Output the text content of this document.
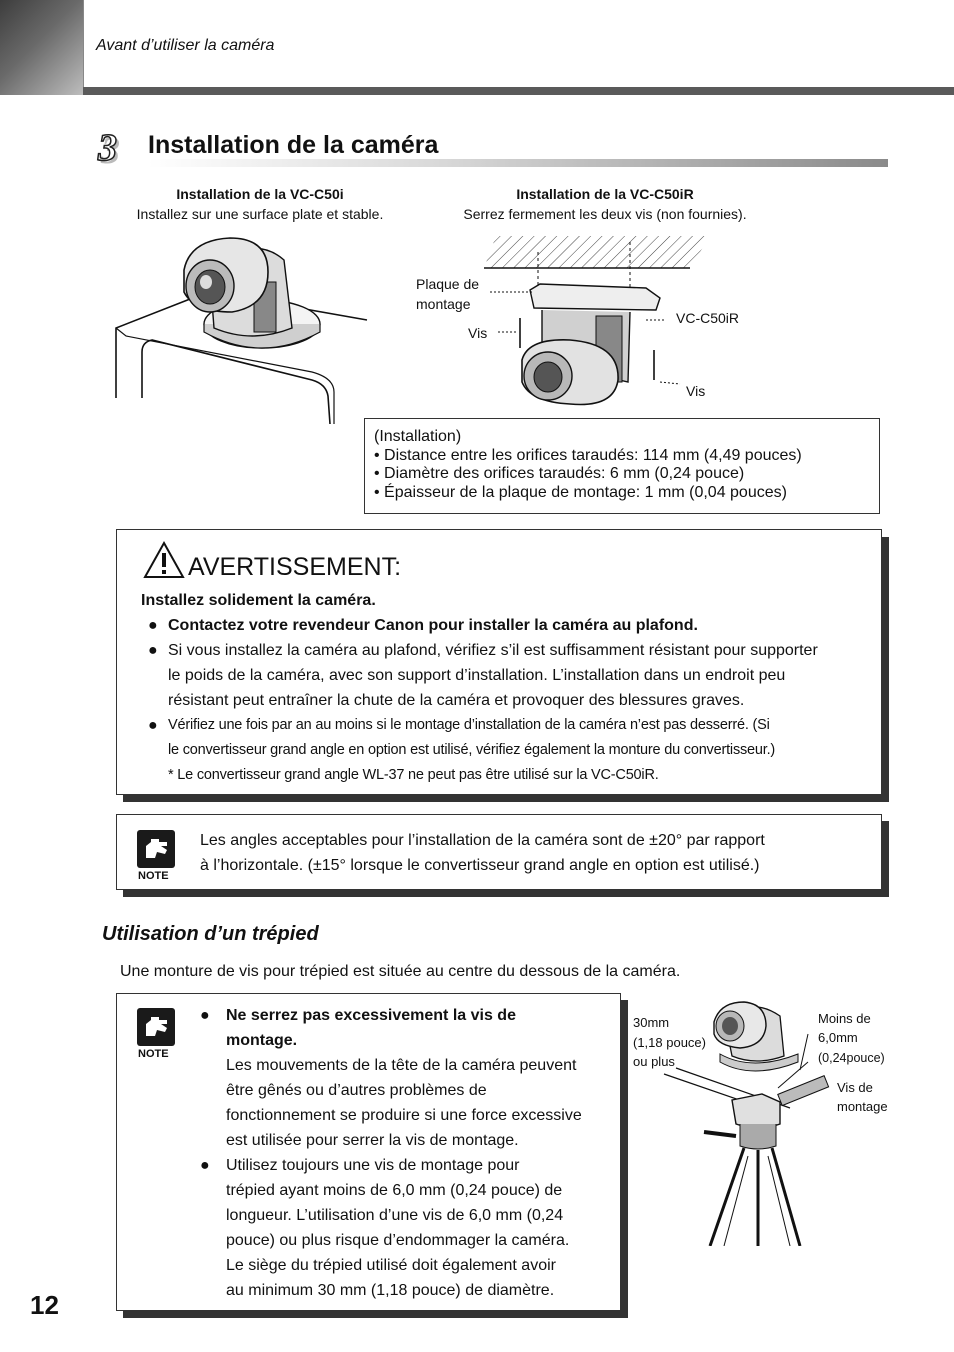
Avant d’utiliser la caméra
3 Installation de la caméra
Installation de la VC-C50i
Installez sur une surface plate et stable.
Installation de la VC-C50iR
Serrez fermement les deux vis (non fournies).
Plaque de
montage
Vis
VC-C50iR
Vis
(Installation)
• Distance entre les orifices taraudés: 114 mm (4,49 pouces)
• Diamètre des orifices taraudés: 6 mm (0,24 pouce)
• Épaisseur de la plaque de montage: 1 mm (0,04 pouces)
AVERTISSEMENT:
Installez solidement la caméra.
● Contactez votre revendeur Canon pour installer la caméra au plafond.
● Si vous installez la caméra au plafond, vérifiez s’il est suffisamment résistant pour supporter
le poids de la caméra, avec son support d’installation. L’installation dans un endroit peu
résistant peut entraîner la chute de la caméra et provoquer des blessures graves.
● Vérifiez une fois par an au moins si le montage d’installation de la caméra n’est pas desserré. (Si
le convertisseur grand angle en option est utilisé, vérifiez également la monture du convertisseur.)
* Le convertisseur grand angle WL-37 ne peut pas être utilisé sur la VC-C50iR.
NOTE
Les angles acceptables pour l’installation de la caméra sont de ±20° par rapport
à l’horizontale. (±15° lorsque le convertisseur grand angle en option est utilisé.)
Utilisation d’un trépied
Une monture de vis pour trépied est située au centre du dessous de la caméra.
NOTE
● Ne serrez pas excessivement la vis de
montage.
Les mouvements de la tête de la caméra peuvent
être gênés ou d’autres problèmes de
fonctionnement se produire si une force excessive
est utilisée pour serrer la vis de montage.
● Utilisez toujours une vis de montage pour
trépied ayant moins de 6,0 mm (0,24 pouce) de
longueur. L’utilisation d’une vis de 6,0 mm (0,24
pouce) ou plus risque d’endommager la caméra.
Le siège du trépied utilisé doit également avoir
au minimum 30 mm (1,18 pouce) de diamètre.
30mm
(1,18 pouce)
ou plus
Moins de
6,0mm
(0,24pouce)
Vis de
montage
12
